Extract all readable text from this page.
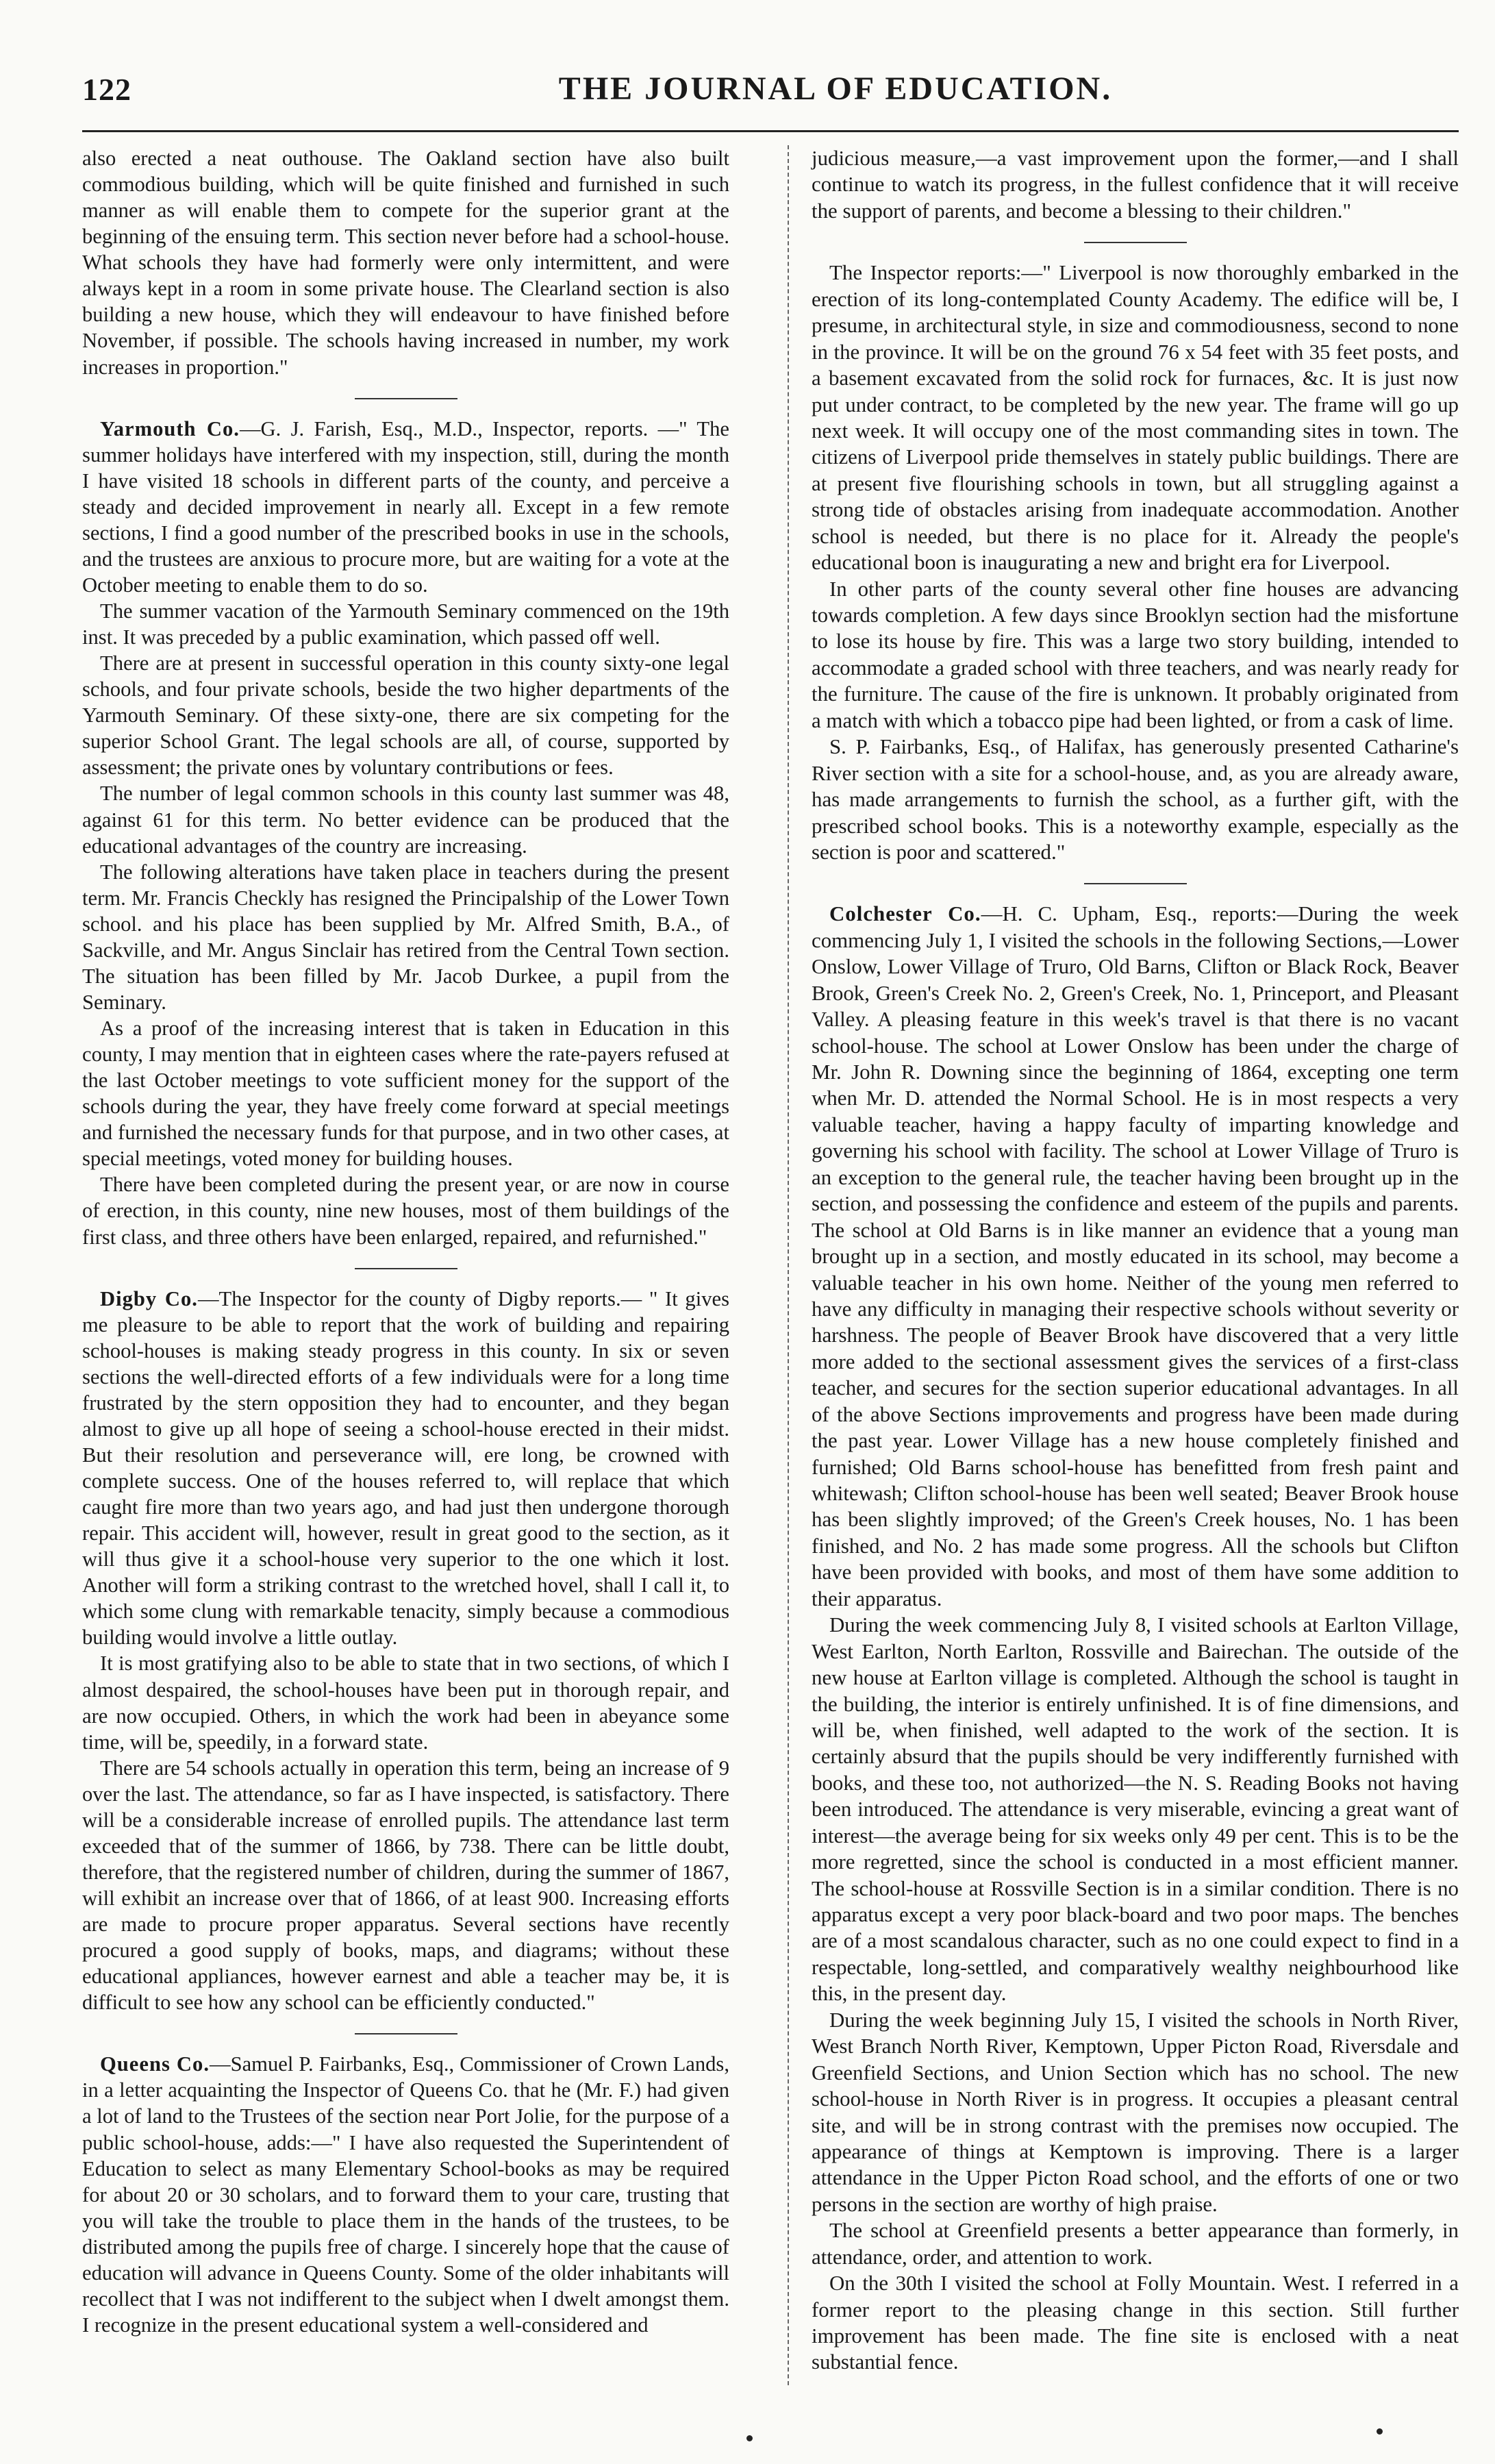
122	THE JOURNAL OF EDUCATION.

also erected a neat outhouse. The Oakland section have also built commodious building, which will be quite finished and furnished in such manner as will enable them to compete for the superior grant at the beginning of the ensuing term. This section never before had a school-house. What schools they have had formerly were only intermittent, and were always kept in a room in some private house. The Clearland section is also building a new house, which they will endeavour to have finished before November, if possible. The schools having increased in number, my work increases in proportion."

Yarmouth Co.—G. J. Farish, Esq., M.D., Inspector, reports. —" The summer holidays have interfered with my inspection, still, during the month I have visited 18 schools in different parts of the county, and perceive a steady and decided improvement in nearly all. Except in a few remote sections, I find a good number of the prescribed books in use in the schools, and the trustees are anxious to procure more, but are waiting for a vote at the October meeting to enable them to do so.

The summer vacation of the Yarmouth Seminary commenced on the 19th inst. It was preceded by a public examination, which passed off well.

There are at present in successful operation in this county sixty-one legal schools, and four private schools, beside the two higher departments of the Yarmouth Seminary. Of these sixty-one, there are six competing for the superior School Grant. The legal schools are all, of course, supported by assessment; the private ones by voluntary contributions or fees.

The number of legal common schools in this county last summer was 48, against 61 for this term. No better evidence can be produced that the educational advantages of the country are increasing.

The following alterations have taken place in teachers during the present term. Mr. Francis Checkly has resigned the Principalship of the Lower Town school. and his place has been supplied by Mr. Alfred Smith, B.A., of Sackville, and Mr. Angus Sinclair has retired from the Central Town section. The situation has been filled by Mr. Jacob Durkee, a pupil from the Seminary.

As a proof of the increasing interest that is taken in Education in this county, I may mention that in eighteen cases where the rate-payers refused at the last October meetings to vote sufficient money for the support of the schools during the year, they have freely come forward at special meetings and furnished the necessary funds for that purpose, and in two other cases, at special meetings, voted money for building houses.

There have been completed during the present year, or are now in course of erection, in this county, nine new houses, most of them buildings of the first class, and three others have been enlarged, repaired, and refurnished."

Digby Co.—The Inspector for the county of Digby reports.— " It gives me pleasure to be able to report that the work of building and repairing school-houses is making steady progress in this county. In six or seven sections the well-directed efforts of a few individuals were for a long time frustrated by the stern opposition they had to encounter, and they began almost to give up all hope of seeing a school-house erected in their midst. But their resolution and perseverance will, ere long, be crowned with complete success. One of the houses referred to, will replace that which caught fire more than two years ago, and had just then undergone thorough repair. This accident will, however, result in great good to the section, as it will thus give it a school-house very superior to the one which it lost. Another will form a striking contrast to the wretched hovel, shall I call it, to which some clung with remarkable tenacity, simply because a commodious building would involve a little outlay.

It is most gratifying also to be able to state that in two sections, of which I almost despaired, the school-houses have been put in thorough repair, and are now occupied. Others, in which the work had been in abeyance some time, will be, speedily, in a forward state.

There are 54 schools actually in operation this term, being an increase of 9 over the last. The attendance, so far as I have inspected, is satisfactory. There will be a considerable increase of enrolled pupils. The attendance last term exceeded that of the summer of 1866, by 738. There can be little doubt, therefore, that the registered number of children, during the summer of 1867, will exhibit an increase over that of 1866, of at least 900. Increasing efforts are made to procure proper apparatus. Several sections have recently procured a good supply of books, maps, and diagrams; without these educational appliances, however earnest and able a teacher may be, it is difficult to see how any school can be efficiently conducted."

Queens Co.—Samuel P. Fairbanks, Esq., Commissioner of Crown Lands, in a letter acquainting the Inspector of Queens Co. that he (Mr. F.) had given a lot of land to the Trustees of the section near Port Jolie, for the purpose of a public school-house, adds:—" I have also requested the Superintendent of Education to select as many Elementary School-books as may be required for about 20 or 30 scholars, and to forward them to your care, trusting that you will take the trouble to place them in the hands of the trustees, to be distributed among the pupils free of charge. I sincerely hope that the cause of education will advance in Queens County. Some of the older inhabitants will recollect that I was not indifferent to the subject when I dwelt amongst them. I recognize in the present educational system a well-considered and

judicious measure,—a vast improvement upon the former,—and I shall continue to watch its progress, in the fullest confidence that it will receive the support of parents, and become a blessing to their children."

The Inspector reports:—" Liverpool is now thoroughly embarked in the erection of its long-contemplated County Academy. The edifice will be, I presume, in architectural style, in size and commodiousness, second to none in the province. It will be on the ground 76 x 54 feet with 35 feet posts, and a basement excavated from the solid rock for furnaces, &c. It is just now put under contract, to be completed by the new year. The frame will go up next week. It will occupy one of the most commanding sites in town. The citizens of Liverpool pride themselves in stately public buildings. There are at present five flourishing schools in town, but all struggling against a strong tide of obstacles arising from inadequate accommodation. Another school is needed, but there is no place for it. Already the people's educational boon is inaugurating a new and bright era for Liverpool.

In other parts of the county several other fine houses are advancing towards completion. A few days since Brooklyn section had the misfortune to lose its house by fire. This was a large two story building, intended to accommodate a graded school with three teachers, and was nearly ready for the furniture. The cause of the fire is unknown. It probably originated from a match with which a tobacco pipe had been lighted, or from a cask of lime.

S. P. Fairbanks, Esq., of Halifax, has generously presented Catharine's River section with a site for a school-house, and, as you are already aware, has made arrangements to furnish the school, as a further gift, with the prescribed school books. This is a noteworthy example, especially as the section is poor and scattered."

Colchester Co.—H. C. Upham, Esq., reports:—During the week commencing July 1, I visited the schools in the following Sections,—Lower Onslow, Lower Village of Truro, Old Barns, Clifton or Black Rock, Beaver Brook, Green's Creek No. 2, Green's Creek, No. 1, Princeport, and Pleasant Valley. A pleasing feature in this week's travel is that there is no vacant school-house. The school at Lower Onslow has been under the charge of Mr. John R. Downing since the beginning of 1864, excepting one term when Mr. D. attended the Normal School. He is in most respects a very valuable teacher, having a happy faculty of imparting knowledge and governing his school with facility. The school at Lower Village of Truro is an exception to the general rule, the teacher having been brought up in the section, and possessing the confidence and esteem of the pupils and parents. The school at Old Barns is in like manner an evidence that a young man brought up in a section, and mostly educated in its school, may become a valuable teacher in his own home. Neither of the young men referred to have any difficulty in managing their respective schools without severity or harshness. The people of Beaver Brook have discovered that a very little more added to the sectional assessment gives the services of a first-class teacher, and secures for the section superior educational advantages. In all of the above Sections improvements and progress have been made during the past year. Lower Village has a new house completely finished and furnished; Old Barns school-house has benefitted from fresh paint and whitewash; Clifton school-house has been well seated; Beaver Brook house has been slightly improved; of the Green's Creek houses, No. 1 has been finished, and No. 2 has made some progress. All the schools but Clifton have been provided with books, and most of them have some addition to their apparatus.

During the week commencing July 8, I visited schools at Earlton Village, West Earlton, North Earlton, Rossville and Bairechan. The outside of the new house at Earlton village is completed. Although the school is taught in the building, the interior is entirely unfinished. It is of fine dimensions, and will be, when finished, well adapted to the work of the section. It is certainly absurd that the pupils should be very indifferently furnished with books, and these too, not authorized—the N. S. Reading Books not having been introduced. The attendance is very miserable, evincing a great want of interest—the average being for six weeks only 49 per cent. This is to be the more regretted, since the school is conducted in a most efficient manner. The school-house at Rossville Section is in a similar condition. There is no apparatus except a very poor black-board and two poor maps. The benches are of a most scandalous character, such as no one could expect to find in a respectable, long-settled, and comparatively wealthy neighbourhood like this, in the present day.

During the week beginning July 15, I visited the schools in North River, West Branch North River, Kemptown, Upper Picton Road, Riversdale and Greenfield Sections, and Union Section which has no school. The new school-house in North River is in progress. It occupies a pleasant central site, and will be in strong contrast with the premises now occupied. The appearance of things at Kemptown is improving. There is a larger attendance in the Upper Picton Road school, and the efforts of one or two persons in the section are worthy of high praise.

The school at Greenfield presents a better appearance than formerly, in attendance, order, and attention to work.

On the 30th I visited the school at Folly Mountain. West. I referred in a former report to the pleasing change in this section. Still further improvement has been made. The fine site is enclosed with a neat substantial fence.
